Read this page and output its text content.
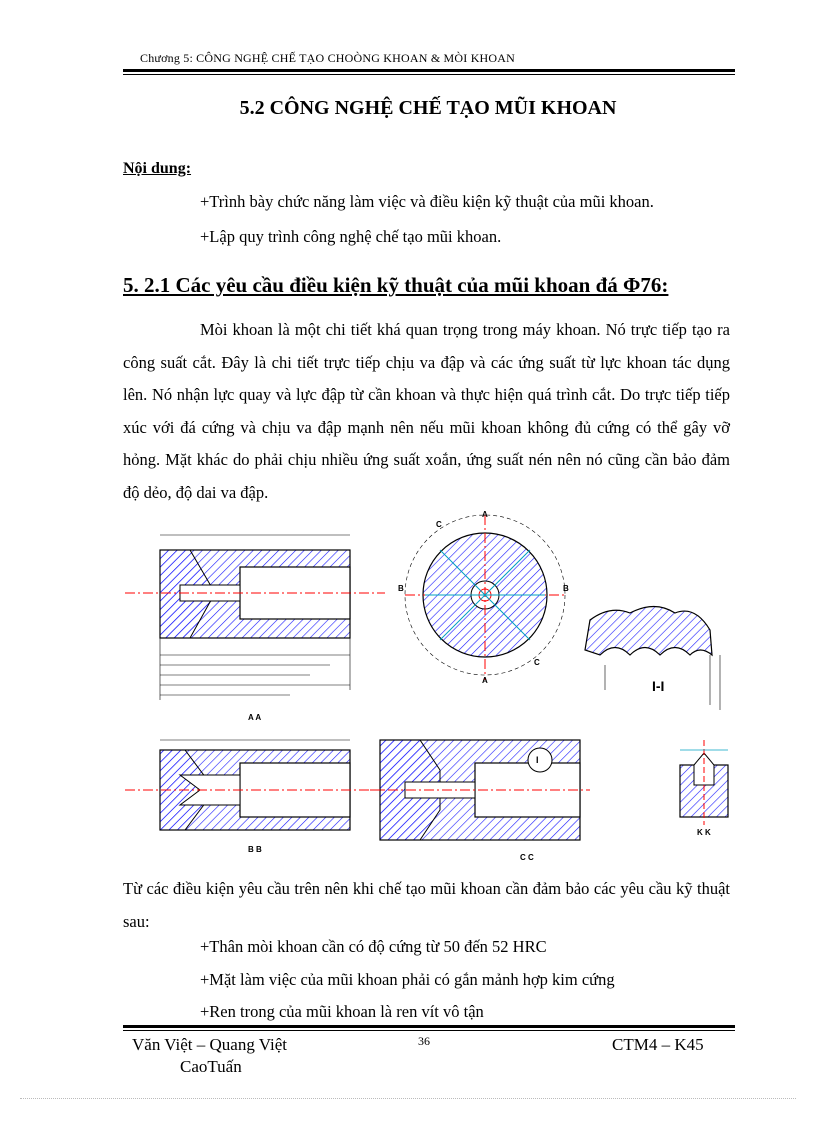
Chương 5: CÔNG NGHỆ CHẾ TẠO CHOÒNG KHOAN & MÒI KHOAN
5.2 CÔNG NGHỆ CHẾ TẠO MŨI KHOAN
Nội dung:
+Trình bày chức năng làm việc và điều kiện kỹ thuật của mũi khoan.
+Lập quy trình công nghệ chế tạo mũi khoan.
5. 2.1 Các yêu cầu điều kiện kỹ thuật của mũi khoan đá Φ76:
Mòi khoan là một chi tiết khá quan trọng trong máy khoan. Nó trực tiếp tạo ra công suất cắt. Đây là chi tiết trực tiếp chịu va đập và các ứng suất từ lực khoan tác dụng lên. Nó nhận lực quay và lực đập từ cần khoan và thực hiện quá trình cắt. Do trực tiếp tiếp xúc với đá cứng và chịu va đập mạnh nên nếu mũi khoan không đủ cứng có thể gây vỡ hỏng. Mặt khác do phải chịu nhiều ứng suất xoắn, ứng suất nén nên nó cũng cần bảo đảm độ dẻo, độ dai va đập.
A A
A
A
B	B
C
C
I-I
B B
I
C C
K K
Từ các điều kiện yêu cầu trên nên khi chế tạo mũi khoan cần đảm bảo các yêu cầu kỹ thuật sau:
+Thân mòi khoan cần có độ cứng từ 50 đến 52 HRC
+Mặt làm việc của mũi khoan phải có gắn mảnh hợp kim cứng
+Ren trong của mũi khoan là ren vít vô tận
Văn Việt – Quang Việt
CaoTuấn
36	CTM4 – K45
